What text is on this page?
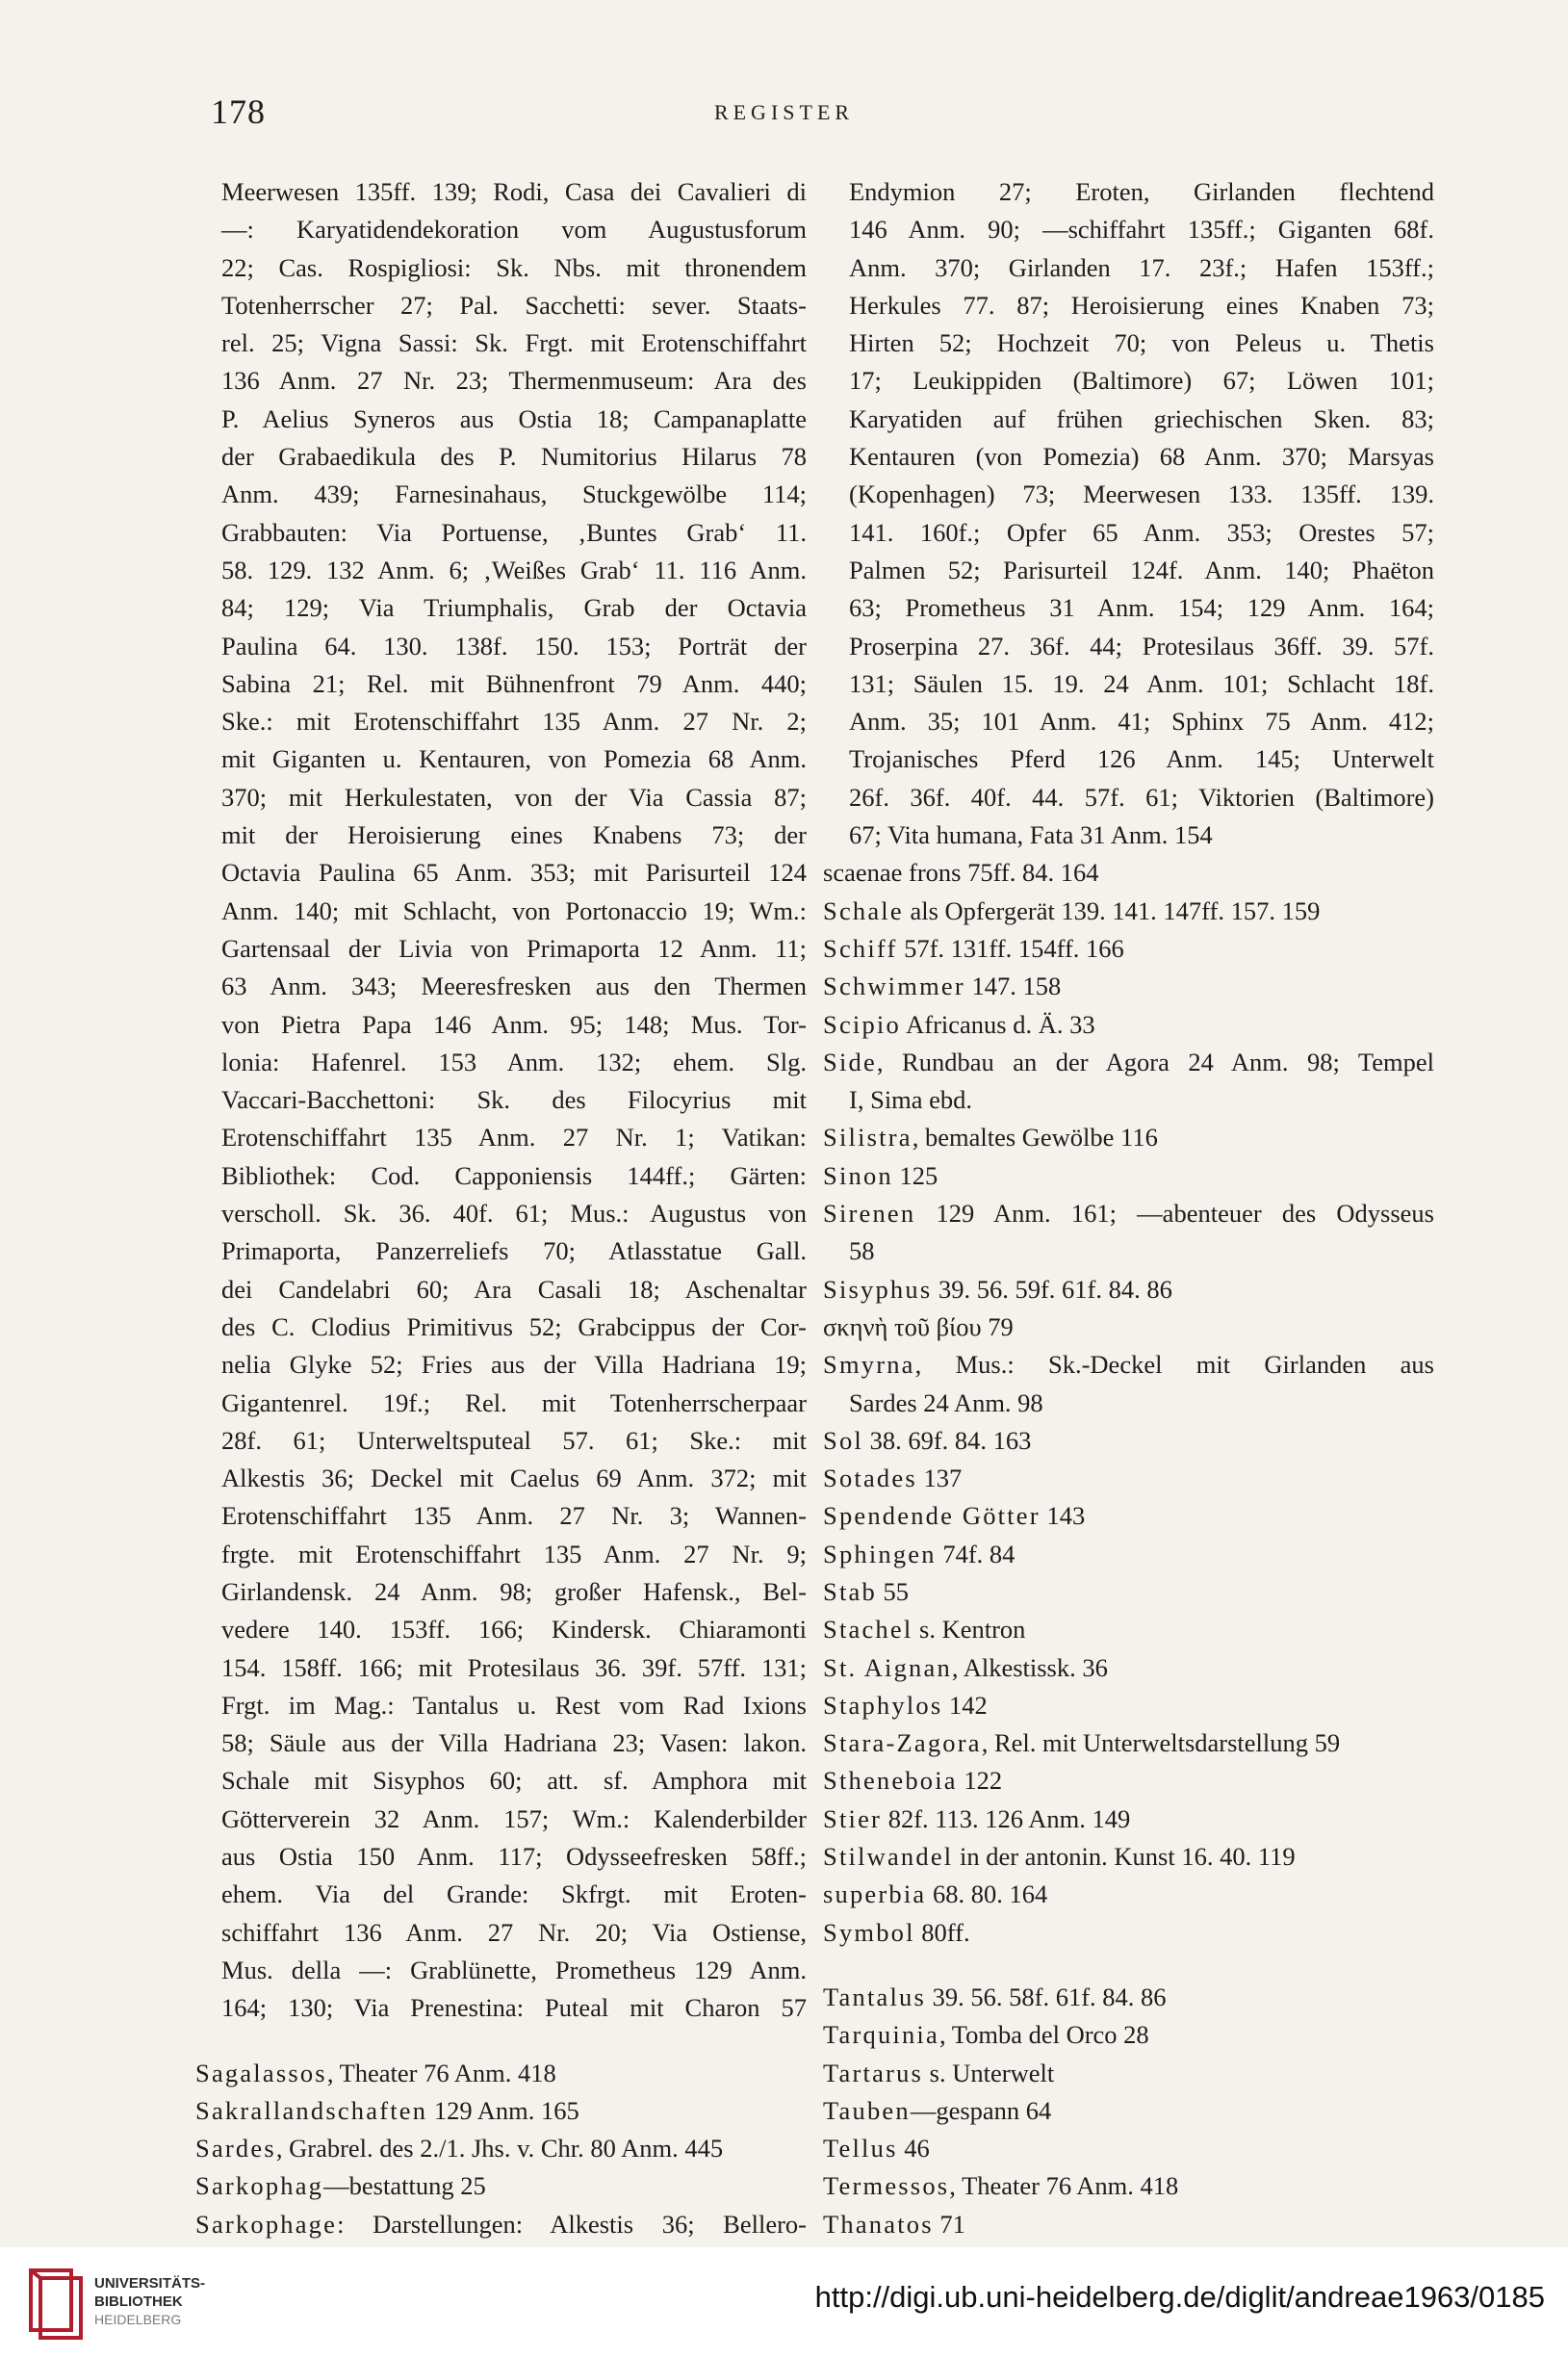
178	REGISTER
Meerwesen 135ff. 139; Rodi, Casa dei Cavalieri di
—: Karyatidendekoration vom Augustusforum
22; Cas. Rospigliosi: Sk. Nbs. mit thronendem
Totenherrscher 27; Pal. Sacchetti: sever. Staats-
rel. 25; Vigna Sassi: Sk. Frgt. mit Erotenschiffahrt
136 Anm. 27 Nr. 23; Thermenmuseum: Ara des
P. Aelius Syneros aus Ostia 18; Campanaplatte
der Grabaedikula des P. Numitorius Hilarus 78
Anm. 439; Farnesinahaus, Stuckgewölbe 114;
Grabbauten: Via Portuense, ‚Buntes Grab‘ 11.
58. 129. 132 Anm. 6; ‚Weißes Grab‘ 11. 116 Anm.
84; 129; Via Triumphalis, Grab der Octavia
Paulina 64. 130. 138f. 150. 153; Porträt der
Sabina 21; Rel. mit Bühnenfront 79 Anm. 440;
Ske.: mit Erotenschiffahrt 135 Anm. 27 Nr. 2;
mit Giganten u. Kentauren, von Pomezia 68 Anm.
370; mit Herkulestaten, von der Via Cassia 87;
mit der Heroisierung eines Knabens 73; der
Octavia Paulina 65 Anm. 353; mit Parisurteil 124
Anm. 140; mit Schlacht, von Portonaccio 19; Wm.:
Gartensaal der Livia von Primaporta 12 Anm. 11;
63 Anm. 343; Meeresfresken aus den Thermen
von Pietra Papa 146 Anm. 95; 148; Mus. Tor-
lonia: Hafenrel. 153 Anm. 132; ehem. Slg.
Vaccari-Bacchettoni: Sk. des Filocyrius mit
Erotenschiffahrt 135 Anm. 27 Nr. 1; Vatikan:
Bibliothek: Cod. Capponiensis 144ff.; Gärten:
verscholl. Sk. 36. 40f. 61; Mus.: Augustus von
Primaporta, Panzerreliefs 70; Atlasstatue Gall.
dei Candelabri 60; Ara Casali 18; Aschenaltar
des C. Clodius Primitivus 52; Grabcippus der Cor-
nelia Glyke 52; Fries aus der Villa Hadriana 19;
Gigantenrel. 19f.; Rel. mit Totenherrscherpaar
28f. 61; Unterweltsputeal 57. 61; Ske.: mit
Alkestis 36; Deckel mit Caelus 69 Anm. 372; mit
Erotenschiffahrt 135 Anm. 27 Nr. 3; Wannen-
frgte. mit Erotenschiffahrt 135 Anm. 27 Nr. 9;
Girlandensk. 24 Anm. 98; großer Hafensk., Bel-
vedere 140. 153ff. 166; Kindersk. Chiaramonti
154. 158ff. 166; mit Protesilaus 36. 39f. 57ff. 131;
Frgt. im Mag.: Tantalus u. Rest vom Rad Ixions
58; Säule aus der Villa Hadriana 23; Vasen: lakon.
Schale mit Sisyphos 60; att. sf. Amphora mit
Götterverein 32 Anm. 157; Wm.: Kalenderbilder
aus Ostia 150 Anm. 117; Odysseefresken 58ff.;
ehem. Via del Grande: Skfrgt. mit Eroten-
schiffahrt 136 Anm. 27 Nr. 20; Via Ostiense,
Mus. della —: Grablünette, Prometheus 129 Anm.
164; 130; Via Prenestina: Puteal mit Charon 57
Sagalassos, Theater 76 Anm. 418
Sakrallandschaften 129 Anm. 165
Sardes, Grabrel. des 2./1. Jhs. v. Chr. 80 Anm. 445
Sarkophag—bestattung 25
Sarkophage: Darstellungen: Alkestis 36; Bellero-
Endymion 27; Eroten, Girlanden flechtend
146 Anm. 90; —schiffahrt 135ff.; Giganten 68f.
Anm. 370; Girlanden 17. 23f.; Hafen 153ff.;
Herkules 77. 87; Heroisierung eines Knaben 73;
Hirten 52; Hochzeit 70; von Peleus u. Thetis
17; Leukippiden (Baltimore) 67; Löwen 101;
Karyatiden auf frühen griechischen Sken. 83;
Kentauren (von Pomezia) 68 Anm. 370; Marsyas
(Kopenhagen) 73; Meerwesen 133. 135ff. 139.
141. 160f.; Opfer 65 Anm. 353; Orestes 57;
Palmen 52; Parisurteil 124f. Anm. 140; Phaëton
63; Prometheus 31 Anm. 154; 129 Anm. 164;
Proserpina 27. 36f. 44; Protesilaus 36ff. 39. 57f.
131; Säulen 15. 19. 24 Anm. 101; Schlacht 18f.
Anm. 35; 101 Anm. 41; Sphinx 75 Anm. 412;
Trojanisches Pferd 126 Anm. 145; Unterwelt
26f. 36f. 40f. 44. 57f. 61; Viktorien (Baltimore)
67; Vita humana, Fata 31 Anm. 154
scaenae frons 75ff. 84. 164
Schale als Opfergerät 139. 141. 147ff. 157. 159
Schiff 57f. 131ff. 154ff. 166
Schwimmer 147. 158
Scipio Africanus d. Ä. 33
Side, Rundbau an der Agora 24 Anm. 98; Tempel
I, Sima ebd.
Silistra, bemaltes Gewölbe 116
Sinon 125
Sirenen 129 Anm. 161; —abenteuer des Odysseus
58
Sisyphus 39. 56. 59f. 61f. 84. 86
σκηνὴ τοῦ βίου 79
Smyrna, Mus.: Sk.-Deckel mit Girlanden aus
Sardes 24 Anm. 98
Sol 38. 69f. 84. 163
Sotades 137
Spendende Götter 143
Sphingen 74f. 84
Stab 55
Stachel s. Kentron
St. Aignan, Alkestissk. 36
Staphylos 142
Stara-Zagora, Rel. mit Unterweltsdarstellung 59
Stheneboia 122
Stier 82f. 113. 126 Anm. 149
Stilwandel in der antonin. Kunst 16. 40. 119
superbia 68. 80. 164
Symbol 80ff.
Tantalus 39. 56. 58f. 61f. 84. 86
Tarquinia, Tomba del Orco 28
Tartarus s. Unterwelt
Tauben—gespann 64
Tellus 46
Termessos, Theater 76 Anm. 418
Thanatos 71
UNIVERSITÄTS-
BIBLIOTHEK
HEIDELBERG
http://digi.ub.uni-heidelberg.de/diglit/andreae1963/0185
